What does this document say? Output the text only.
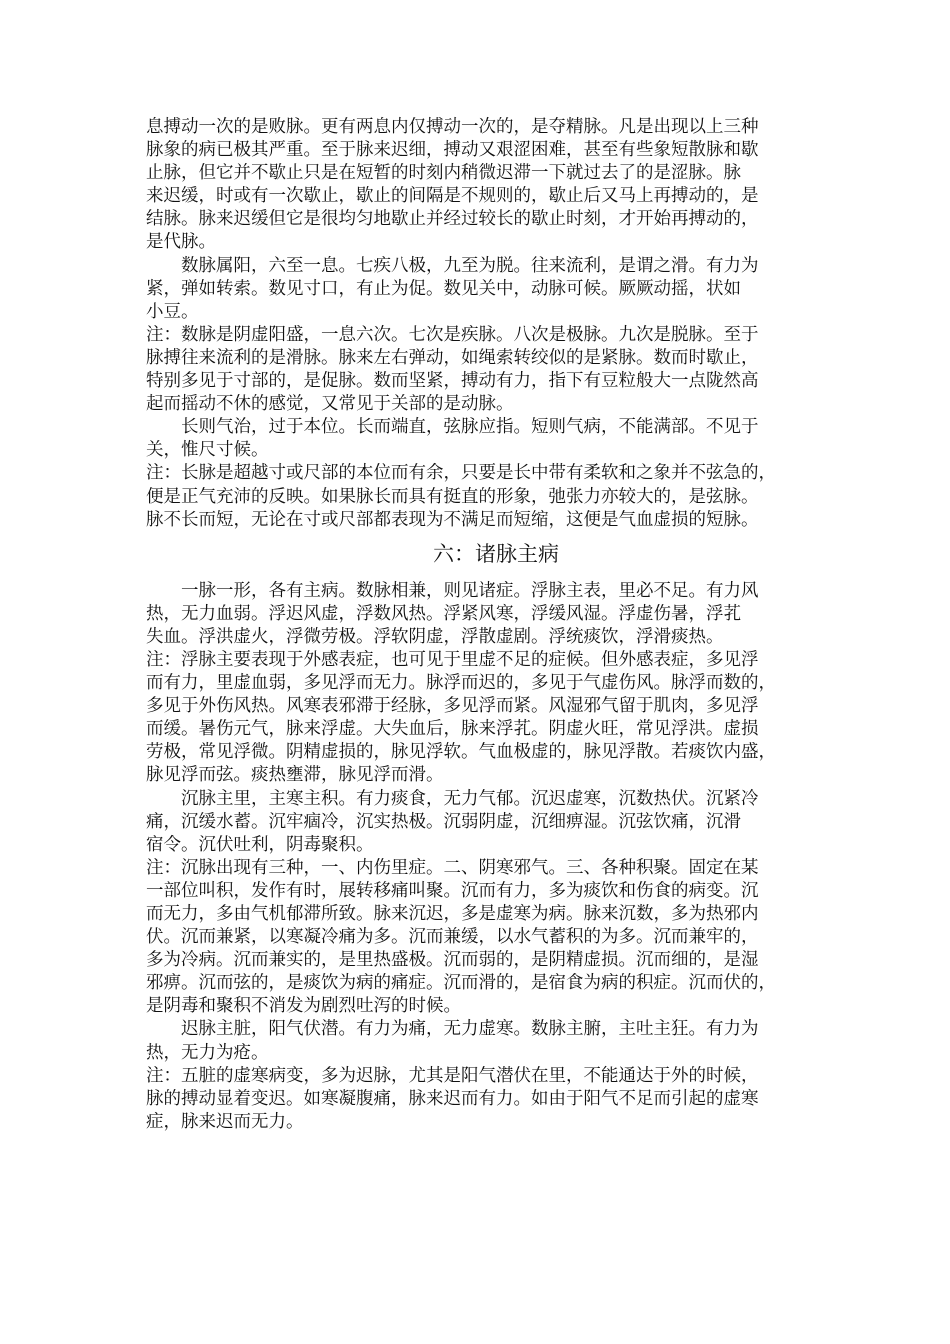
息搏动一次的是败脉。更有两息内仅搏动一次的，是夺精脉。凡是出现以上三种
脉象的病已极其严重。至于脉来迟细，搏动又艰涩困难，甚至有些象短散脉和歇
止脉，但它并不歇止只是在短暂的时刻内稍微迟滞一下就过去了的是涩脉。脉
来迟缓，时或有一次歇止，歇止的间隔是不规则的，歇止后又马上再搏动的，是
结脉。脉来迟缓但它是很均匀地歇止并经过较长的歇止时刻，才开始再搏动的，
是代脉。
数脉属阳，六至一息。七疾八极，九至为脱。往来流利，是谓之滑。有力为
紧，弹如转索。数见寸口，有止为促。数见关中，动脉可候。厥厥动摇，状如
小豆。
注：数脉是阴虚阳盛，一息六次。七次是疾脉。八次是极脉。九次是脱脉。至于
脉搏往来流利的是滑脉。脉来左右弹动，如绳索转绞似的是紧脉。数而时歇止，
特别多见于寸部的，是促脉。数而坚紧，搏动有力，指下有豆粒般大一点陇然高
起而摇动不休的感觉，又常见于关部的是动脉。
长则气治，过于本位。长而端直，弦脉应指。短则气病，不能满部。不见于
关，惟尺寸候。
注：长脉是超越寸或尺部的本位而有余，只要是长中带有柔软和之象并不弦急的，
便是正气充沛的反映。如果脉长而具有挺直的形象，弛张力亦较大的，是弦脉。
脉不长而短，无论在寸或尺部都表现为不满足而短缩，这便是气血虚损的短脉。
六：诸脉主病
一脉一形，各有主病。数脉相兼，则见诸症。浮脉主表，里必不足。有力风
热，无力血弱。浮迟风虚，浮数风热。浮紧风寒，浮缓风湿。浮虚伤暑，浮芤
失血。浮洪虚火，浮微劳极。浮软阴虚，浮散虚剧。浮统痰饮，浮滑痰热。
注：浮脉主要表现于外感表症，也可见于里虚不足的症候。但外感表症，多见浮
而有力，里虚血弱，多见浮而无力。脉浮而迟的，多见于气虚伤风。脉浮而数的，
多见于外伤风热。风寒表邪滞于经脉，多见浮而紧。风湿邪气留于肌肉，多见浮
而缓。暑伤元气，脉来浮虚。大失血后，脉来浮芤。阴虚火旺，常见浮洪。虚损
劳极，常见浮微。阴精虚损的，脉见浮软。气血极虚的，脉见浮散。若痰饮内盛，
脉见浮而弦。痰热壅滞，脉见浮而滑。
沉脉主里，主寒主积。有力痰食，无力气郁。沉迟虚寒，沉数热伏。沉紧冷
痛，沉缓水蓄。沉牢痼冷，沉实热极。沉弱阴虚，沉细痹湿。沉弦饮痛，沉滑
宿令。沉伏吐利，阴毒聚积。
注：沉脉出现有三种，一、内伤里症。二、阴寒邪气。三、各种积聚。固定在某
一部位叫积，发作有时，展转移痛叫聚。沉而有力，多为痰饮和伤食的病变。沉
而无力，多由气机郁滞所致。脉来沉迟，多是虚寒为病。脉来沉数，多为热邪内
伏。沉而兼紧，以寒凝冷痛为多。沉而兼缓，以水气蓄积的为多。沉而兼牢的，
多为冷病。沉而兼实的，是里热盛极。沉而弱的，是阴精虚损。沉而细的，是湿
邪痹。沉而弦的，是痰饮为病的痛症。沉而滑的，是宿食为病的积症。沉而伏的，
是阴毒和聚积不消发为剧烈吐泻的时候。
迟脉主脏，阳气伏潜。有力为痛，无力虚寒。数脉主腑，主吐主狂。有力为
热，无力为疮。
注：五脏的虚寒病变，多为迟脉，尤其是阳气潜伏在里，不能通达于外的时候，
脉的搏动显着变迟。如寒凝腹痛，脉来迟而有力。如由于阳气不足而引起的虚寒
症，脉来迟而无力。
